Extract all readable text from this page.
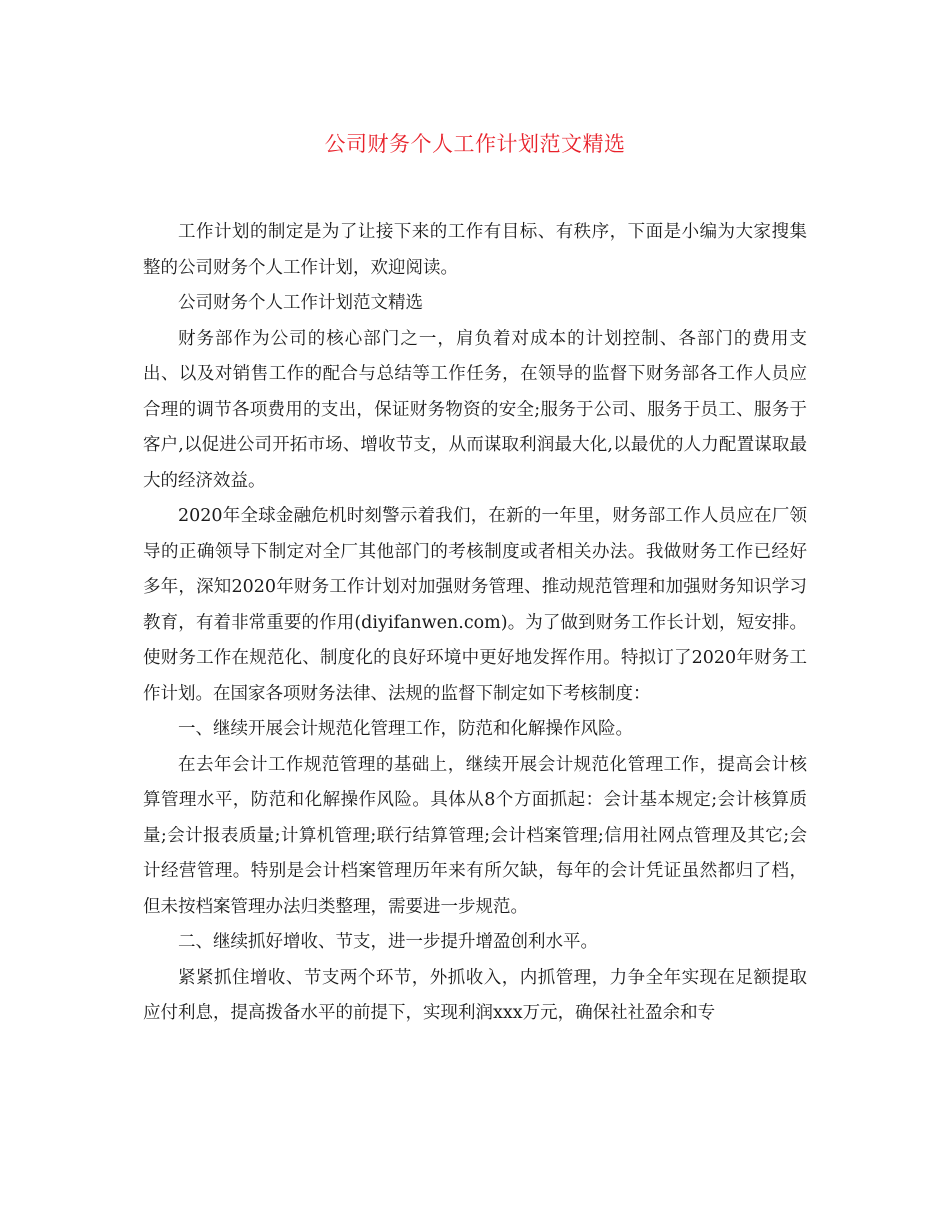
公司财务个人工作计划范文精选

工作计划的制定是为了让接下来的工作有目标、有秩序，下面是小编为大家搜集整的公司财务个人工作计划，欢迎阅读。

公司财务个人工作计划范文精选

财务部作为公司的核心部门之一，肩负着对成本的计划控制、各部门的费用支出、以及对销售工作的配合与总结等工作任务，在领导的监督下财务部各工作人员应合理的调节各项费用的支出，保证财务物资的安全;服务于公司、服务于员工、服务于客户,以促进公司开拓市场、增收节支，从而谋取利润最大化,以最优的人力配置谋取最大的经济效益。

2020年全球金融危机时刻警示着我们，在新的一年里，财务部工作人员应在厂领导的正确领导下制定对全厂其他部门的考核制度或者相关办法。我做财务工作已经好多年，深知2020年财务工作计划对加强财务管理、推动规范管理和加强财务知识学习教育，有着非常重要的作用(diyifanwen.com)。为了做到财务工作长计划，短安排。使财务工作在规范化、制度化的良好环境中更好地发挥作用。特拟订了2020年财务工作计划。在国家各项财务法律、法规的监督下制定如下考核制度：

一、继续开展会计规范化管理工作，防范和化解操作风险。

在去年会计工作规范管理的基础上，继续开展会计规范化管理工作，提高会计核算管理水平，防范和化解操作风险。具体从8个方面抓起：会计基本规定;会计核算质量;会计报表质量;计算机管理;联行结算管理;会计档案管理;信用社网点管理及其它;会计经营管理。特别是会计档案管理历年来有所欠缺，每年的会计凭证虽然都归了档，但未按档案管理办法归类整理，需要进一步规范。

二、继续抓好增收、节支，进一步提升增盈创利水平。

紧紧抓住增收、节支两个环节，外抓收入，内抓管理，力争全年实现在足额提取应付利息，提高拨备水平的前提下，实现利润xxx万元，确保社社盈余和专
